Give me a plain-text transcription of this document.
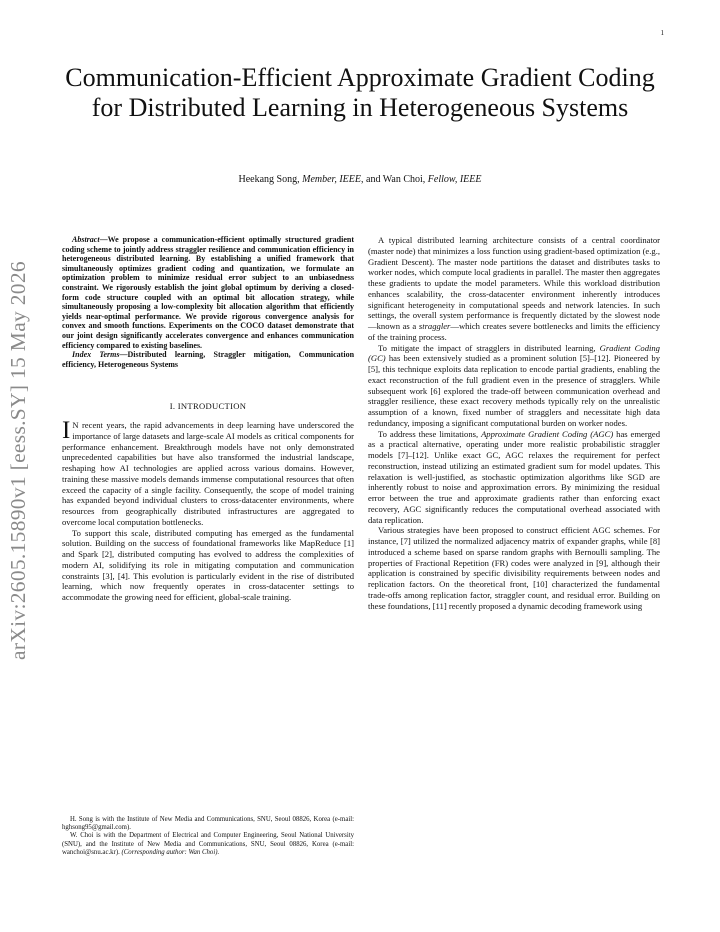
1
arXiv:2605.15890v1 [eess.SY] 15 May 2026
Communication-Efficient Approximate Gradient Coding for Distributed Learning in Heterogeneous Systems
Heekang Song, Member, IEEE, and Wan Choi, Fellow, IEEE

Abstract—We propose a communication-efficient optimally structured gradient coding scheme to jointly address straggler resilience and communication efficiency in heterogeneous distributed learning. By establishing a unified framework that simultaneously optimizes gradient coding and quantization, we formulate an optimization problem to minimize residual error subject to an unbiasedness constraint. We rigorously establish the joint global optimum by deriving a closed-form code structure coupled with an optimal bit allocation strategy, while simultaneously proposing a low-complexity bit allocation algorithm that efficiently yields near-optimal performance. We provide rigorous convergence analysis for convex and smooth functions. Experiments on the COCO dataset demonstrate that our joint design significantly accelerates convergence and enhances communication efficiency compared to existing baselines.

Index Terms—Distributed learning, Straggler mitigation, Communication efficiency, Heterogeneous Systems

I. INTRODUCTION

I N recent years, the rapid advancements in deep learning have underscored the importance of large datasets and large-scale AI models as critical components for performance enhancement. Breakthrough models have not only demonstrated unprecedented capabilities but have also transformed the industrial landscape, reshaping how AI technologies are applied across various domains. However, training these massive models demands immense computational resources that often exceed the capacity of a single facility. Consequently, the scope of model training has expanded beyond individual clusters to cross-datacenter environments, where resources from geographically distributed infrastructures are aggregated to overcome local computation bottlenecks.

To support this scale, distributed computing has emerged as the fundamental solution. Building on the success of foundational frameworks like MapReduce [1] and Spark [2], distributed computing has evolved to address the complexities of modern AI, solidifying its role in mitigating computation and communication constraints [3], [4]. This evolution is particularly evident in the rise of distributed learning, which now frequently operates in cross-datacenter settings to accommodate the growing need for efficient, global-scale training.

H. Song is with the Institute of New Media and Communications, SNU, Seoul 08826, Korea (e-mail: hghsong95@gmail.com).

W. Choi is with the Department of Electrical and Computer Engineering, Seoul National University (SNU), and the Institute of New Media and Communications, SNU, Seoul 08826, Korea (e-mail: wanchoi@snu.ac.kr). (Corresponding author: Wan Choi).

A typical distributed learning architecture consists of a central coordinator (master node) that minimizes a loss function using gradient-based optimization (e.g., Gradient Descent). The master node partitions the dataset and distributes tasks to worker nodes, which compute local gradients in parallel. The master then aggregates these gradients to update the model parameters. While this workload distribution enhances scalability, the cross-datacenter environment inherently introduces significant heterogeneity in computational speeds and network latencies. In such settings, the overall system performance is frequently dictated by the slowest node—known as a straggler—which creates severe bottlenecks and limits the efficiency of the training process.

To mitigate the impact of stragglers in distributed learning, Gradient Coding (GC) has been extensively studied as a prominent solution [5]–[12]. Pioneered by [5], this technique exploits data replication to encode partial gradients, enabling the exact reconstruction of the full gradient even in the presence of stragglers. While subsequent work [6] explored the trade-off between communication overhead and straggler resilience, these exact recovery methods typically rely on the unrealistic assumption of a known, fixed number of stragglers and necessitate high data redundancy, imposing a significant computational burden on worker nodes.

To address these limitations, Approximate Gradient Coding (AGC) has emerged as a practical alternative, operating under more realistic probabilistic straggler models [7]–[12]. Unlike exact GC, AGC relaxes the requirement for perfect reconstruction, instead utilizing an estimated gradient sum for model updates. This relaxation is well-justified, as stochastic optimization algorithms like SGD are inherently robust to noise and approximation errors. By minimizing the residual error between the true and approximate gradients rather than enforcing exact recovery, AGC significantly reduces the computational overhead associated with data replication.

Various strategies have been proposed to construct efficient AGC schemes. For instance, [7] utilized the normalized adjacency matrix of expander graphs, while [8] introduced a scheme based on sparse random graphs with Bernoulli sampling. The properties of Fractional Repetition (FR) codes were analyzed in [9], although their application is constrained by specific divisibility requirements between nodes and replication factors. On the theoretical front, [10] characterized the fundamental trade-offs among replication factor, straggler count, and residual error. Building on these foundations, [11] recently proposed a dynamic decoding framework using
